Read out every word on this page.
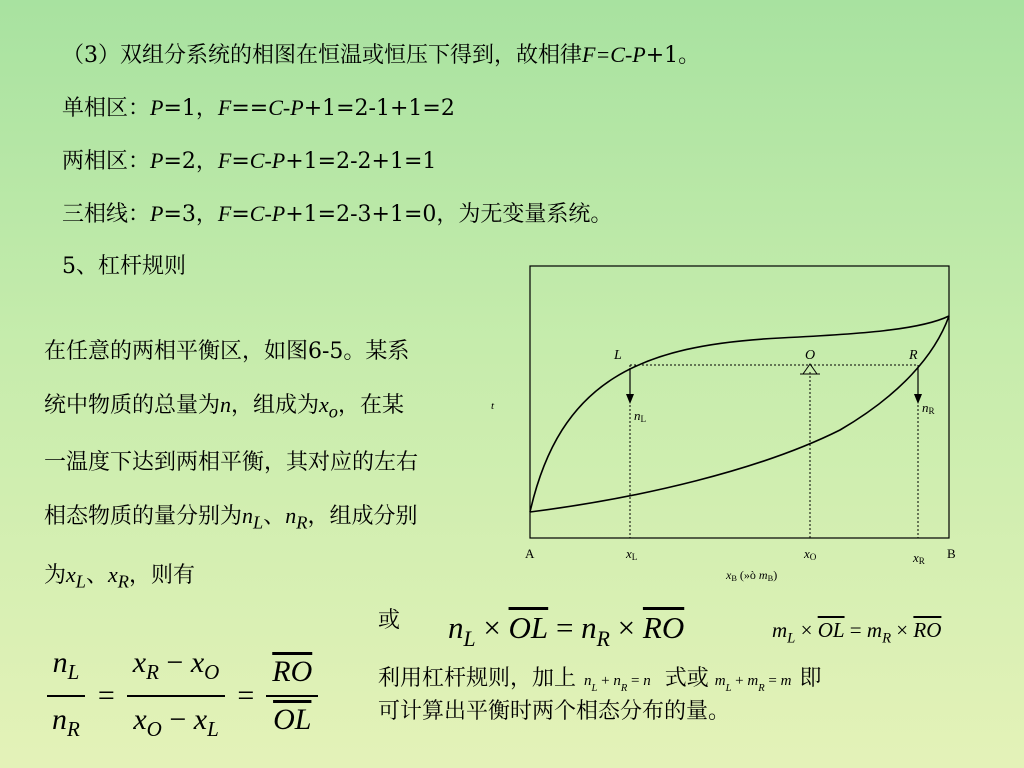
（3）双组分系统的相图在恒温或恒压下得到，故相律F=C-P+1。
单相区：P=1，F==C-P+1=2-1+1=2
两相区：P=2，F=C-P+1=2-2+1=1
三相线：P=3，F=C-P+1=2-3+1=0，为无变量系统。
5、杠杆规则
在任意的两相平衡区，如图6-5。某系统中物质的总量为n，组成为$x_o$，在某一温度下达到两相平衡，其对应的左右相态物质的量分别为$n_L$、$n_R$，组成分别为$x_L$、$x_R$，则有
L	O	R
nL
nR
t
A	B
xL	xO	xR
xB (»ò mB)
或 $n_L \times \overline{OL} = n_R \times \overline{RO}$	$m_L \times \overline{OL} = m_R \times \overline{RO}$
$\frac{n_L}{n_R} = \frac{x_R - x_O}{x_O - x_L} = \frac{\overline{RO}}{OL}$	利用杠杆规则，加上 $n_L + n_R = n$ 式或 $m_L + m_R = m$ 即
可计算出平衡时两个相态分布的量。
